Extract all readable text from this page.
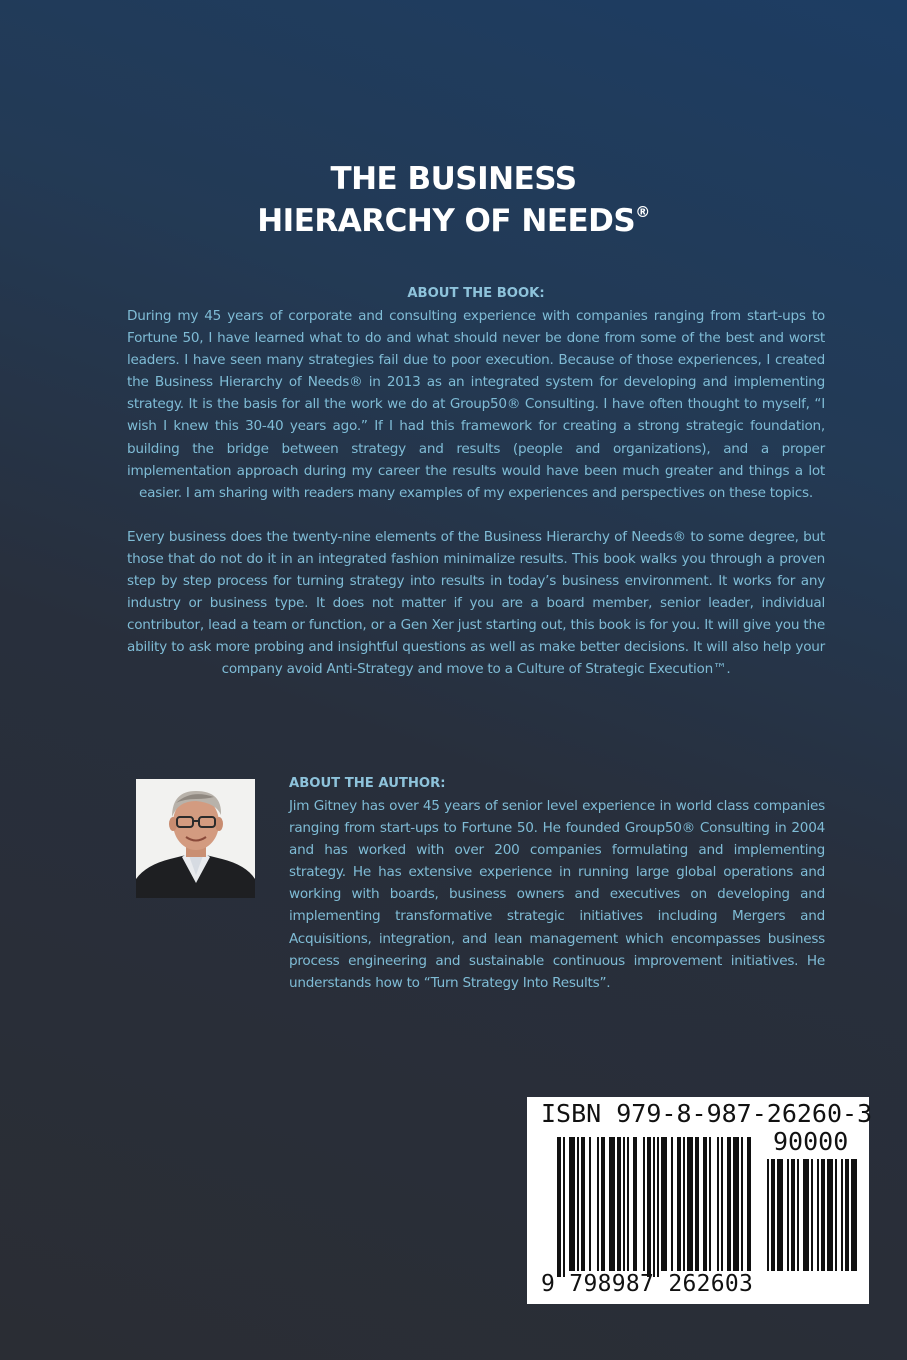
THE BUSINESS
HIERARCHY OF NEEDS®
ABOUT THE BOOK:
During my 45 years of corporate and consulting experience with companies ranging from start-ups to Fortune 50, I have learned what to do and what should never be done from some of the best and worst leaders. I have seen many strategies fail due to poor execution. Because of those experiences, I created the Business Hierarchy of Needs® in 2013 as an integrated system for developing and implementing strategy. It is the basis for all the work we do at Group50® Consulting. I have often thought to myself, “I wish I knew this 30-40 years ago.” If I had this framework for creating a strong strategic foundation, building the bridge between strategy and results (people and organizations), and a proper implementation approach during my career the results would have been much greater and things a lot easier. I am sharing with readers many examples of my experiences and perspectives on these topics.
Every business does the twenty-nine elements of the Business Hierarchy of Needs® to some degree, but those that do not do it in an integrated fashion minimalize results. This book walks you through a proven step by step process for turning strategy into results in today’s business environment. It works for any industry or business type. It does not matter if you are a board member, senior leader, individual contributor, lead a team or function, or a Gen Xer just starting out, this book is for you. It will give you the ability to ask more probing and insightful questions as well as make better decisions. It will also help your company avoid Anti-Strategy and move to a Culture of Strategic Execution™.
ABOUT THE AUTHOR:
Jim Gitney has over 45 years of senior level experience in world class companies ranging from start-ups to Fortune 50. He founded Group50® Consulting in 2004 and has worked with over 200 companies formulating and implementing strategy. He has extensive experience in running large global operations and working with boards, business owners and executives on developing and implementing transformative strategic initiatives including Mergers and Acquisitions, integration, and lean management which encompasses business process engineering and sustainable continuous improvement initiatives. He understands how to “Turn Strategy Into Results”.
ISBN 979-8-987-26260-3
90000
9 798987 262603
